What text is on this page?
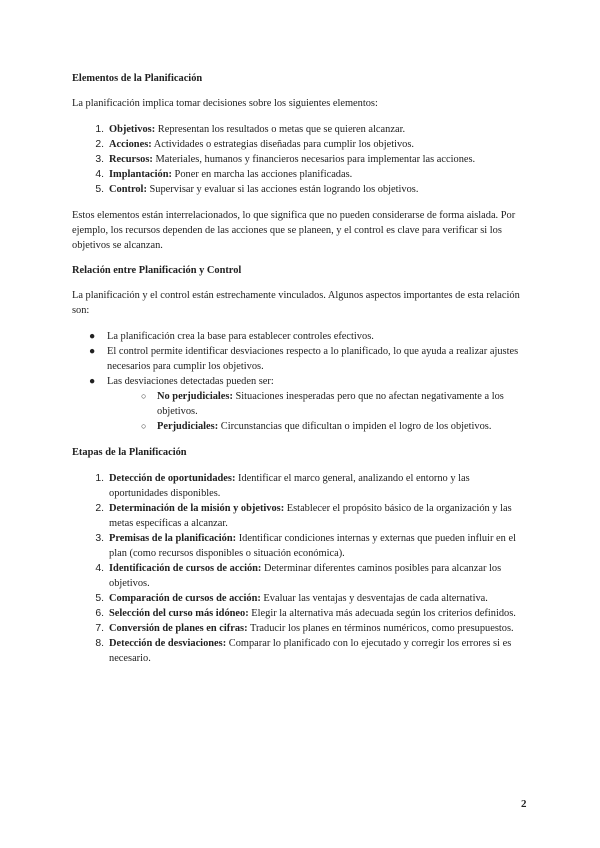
Elementos de la Planificación

La planificación implica tomar decisiones sobre los siguientes elementos:

1. Objetivos: Representan los resultados o metas que se quieren alcanzar.
2. Acciones: Actividades o estrategias diseñadas para cumplir los objetivos.
3. Recursos: Materiales, humanos y financieros necesarios para implementar las acciones.
4. Implantación: Poner en marcha las acciones planificadas.
5. Control: Supervisar y evaluar si las acciones están logrando los objetivos.

Estos elementos están interrelacionados, lo que significa que no pueden considerarse de forma aislada. Por ejemplo, los recursos dependen de las acciones que se planeen, y el control es clave para verificar si los objetivos se alcanzan.

Relación entre Planificación y Control

La planificación y el control están estrechamente vinculados. Algunos aspectos importantes de esta relación son:

● La planificación crea la base para establecer controles efectivos.
● El control permite identificar desviaciones respecto a lo planificado, lo que ayuda a realizar ajustes necesarios para cumplir los objetivos.
● Las desviaciones detectadas pueden ser:
○ No perjudiciales: Situaciones inesperadas pero que no afectan negativamente a los objetivos.
○ Perjudiciales: Circunstancias que dificultan o impiden el logro de los objetivos.
Etapas de la Planificación
1. Detección de oportunidades: Identificar el marco general, analizando el entorno y las oportunidades disponibles.
2. Determinación de la misión y objetivos: Establecer el propósito básico de la organización y las metas específicas a alcanzar.
3. Premisas de la planificación: Identificar condiciones internas y externas que pueden influir en el plan (como recursos disponibles o situación económica).
4. Identificación de cursos de acción: Determinar diferentes caminos posibles para alcanzar los objetivos.
5. Comparación de cursos de acción: Evaluar las ventajas y desventajas de cada alternativa.
6. Selección del curso más idóneo: Elegir la alternativa más adecuada según los criterios definidos.
7. Conversión de planes en cifras: Traducir los planes en términos numéricos, como presupuestos.
8. Detección de desviaciones: Comparar lo planificado con lo ejecutado y corregir los errores si es necesario.
2
